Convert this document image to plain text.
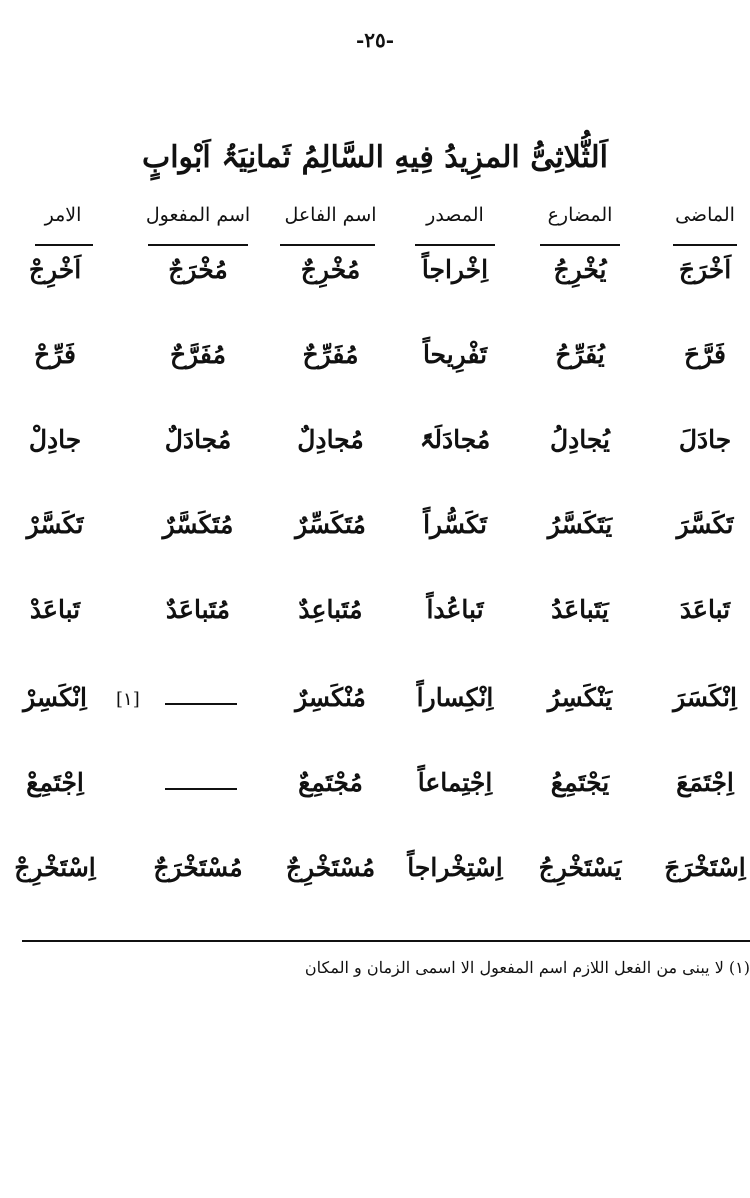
-٢٥-
اَلثُّلاثِیُّ المزِیدُ فِیهِ السَّالِمُ ثَمانِیَۃُ اَبْوابٍ
الماضی
المضارع
المصدر
اسم الفاعل
اسم المفعول
الامر
اَخْرَجَ
یُخْرِجُ
اِخْراجاً
مُخْرِجٌ
مُخْرَجٌ
اَخْرِجْ
فَرَّحَ
یُفَرِّحُ
تَفْرِیحاً
مُفَرِّحٌ
مُفَرَّحٌ
فَرِّحْ
جادَلَ
یُجادِلُ
مُجادَلَۃً
مُجادِلٌ
مُجادَلٌ
جادِلْ
تَکَسَّرَ
یَتَکَسَّرُ
تَکَسُّراً
مُتَکَسِّرٌ
مُتَکَسَّرٌ
تَکَسَّرْ
تَباعَدَ
یَتَباعَدُ
تَباعُداً
مُتَباعِدٌ
مُتَباعَدٌ
تَباعَدْ
اِنْکَسَرَ
یَنْکَسِرُ
اِنْکِساراً
مُنْکَسِرٌ
اِنْکَسِرْ
اِجْتَمَعَ
یَجْتَمِعُ
اِجْتِماعاً
مُجْتَمِعٌ
اِجْتَمِعْ
اِسْتَخْرَجَ
یَسْتَخْرِجُ
اِسْتِخْراجاً
مُسْتَخْرِجٌ
مُسْتَخْرَجٌ
اِسْتَخْرِجْ
[١]
(١) لا یبنی من الفعل اللازم اسم المفعول الا اسمی الزمان و المکان
